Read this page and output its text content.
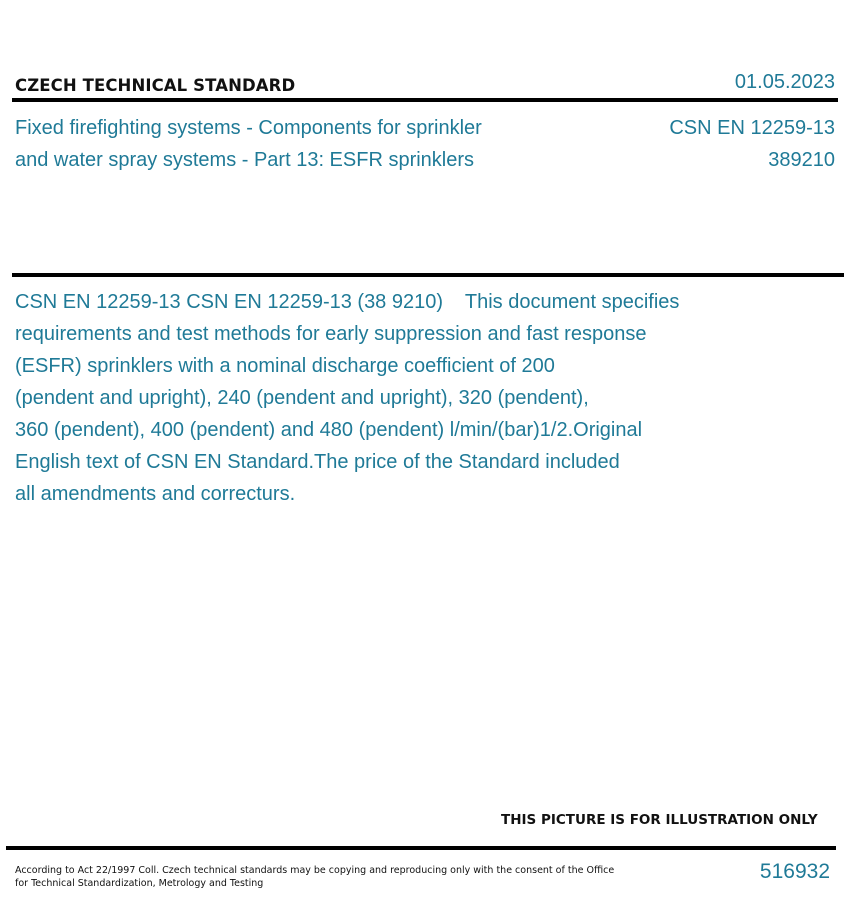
CZECH TECHNICAL STANDARD	01.05.2023
Fixed firefighting systems - Components for sprinkler
and water spray systems - Part 13: ESFR sprinklers
CSN EN 12259-13
389210
CSN EN 12259-13 CSN EN 12259-13 (38 9210)    This document specifies
requirements and test methods for early suppression and fast response
(ESFR) sprinklers with a nominal discharge coefficient of 200
(pendent and upright), 240 (pendent and upright), 320 (pendent),
360 (pendent), 400 (pendent) and 480 (pendent) l/min/(bar)1/2.Original
English text of CSN EN Standard.The price of the Standard included
all amendments and correcturs.
THIS PICTURE IS FOR ILLUSTRATION ONLY
According to Act 22/1997 Coll. Czech technical standards may be copying and reproducing only with the consent of the Office
for Technical Standardization, Metrology and Testing
516932
